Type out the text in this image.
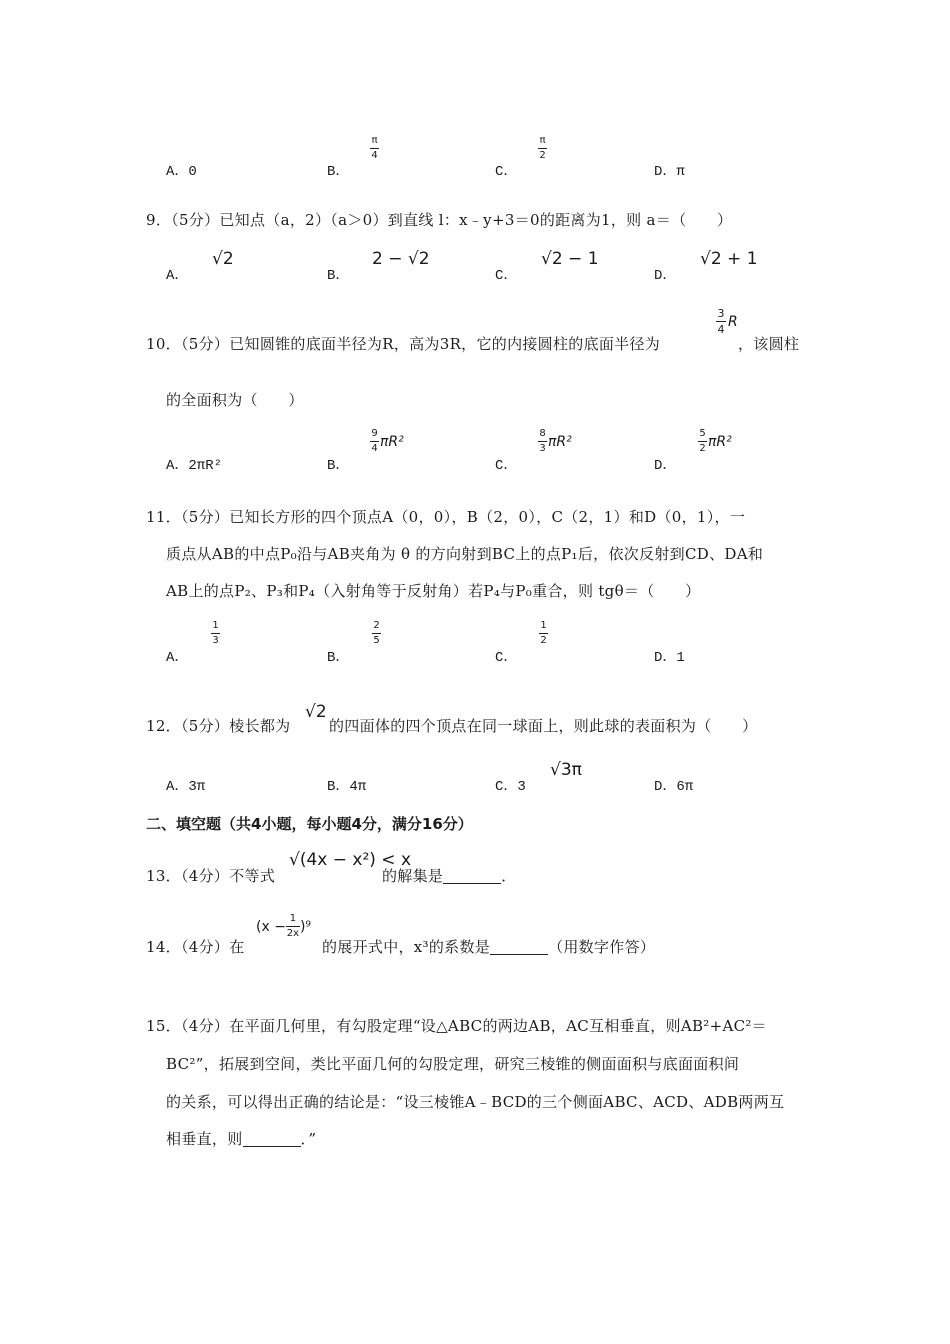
A．0	B．
π
4
C．
π
2
D．π
9．（5分）已知点（a，2）（a＞0）到直线 l：x﹣y+3＝0的距离为1，则 a＝（　　）
A．
√2
B．
2 − √2
C．
√2 − 1
D．
√2 + 1
10．（5分）已知圆锥的底面半径为R，高为3R，它的内接圆柱的底面半径为
$\frac{3}{4}$ R
，该圆柱
的全面积为（　　）
A．2πR²	B．
$\frac{9}{4} \pi R^2$
C．
$\frac{8}{3} \pi R^2$
D．
$\frac{5}{2} \pi R^2$
11．（5分）已知长方形的四个顶点A（0，0），B（2，0），C（2，1）和D（0，1），一
质点从AB的中点P₀沿与AB夹角为 θ 的方向射到BC上的点P₁后，依次反射到CD、DA和
AB上的点P₂、P₃和P₄（入射角等于反射角）若P₄与P₀重合，则 tgθ＝（　　）
A．
1
3
B．
2
5
C．
1
2
D．1
12．（5分）棱长都为
√2
的四面体的四个顶点在同一球面上，则此球的表面积为（　　）
A．3π	B．4π	C．3
√3π
D．6π
二、填空题（共4小题，每小题4分，满分16分）
13．（4分）不等式
√(4x − x²) < x
的解集是	．
14．（4分）在
$(x - \frac{1}{2x} )^9$
的展开式中，x³的系数是	（用数字作答）
15．（4分）在平面几何里，有勾股定理“设△ABC的两边AB，AC互相垂直，则AB²+AC²＝
BC²”，拓展到空间，类比平面几何的勾股定理，研究三棱锥的侧面面积与底面面积间
的关系，可以得出正确的结论是：“设三棱锥A﹣BCD的三个侧面ABC、ACD、ADB两两互
相垂直，则	．”
